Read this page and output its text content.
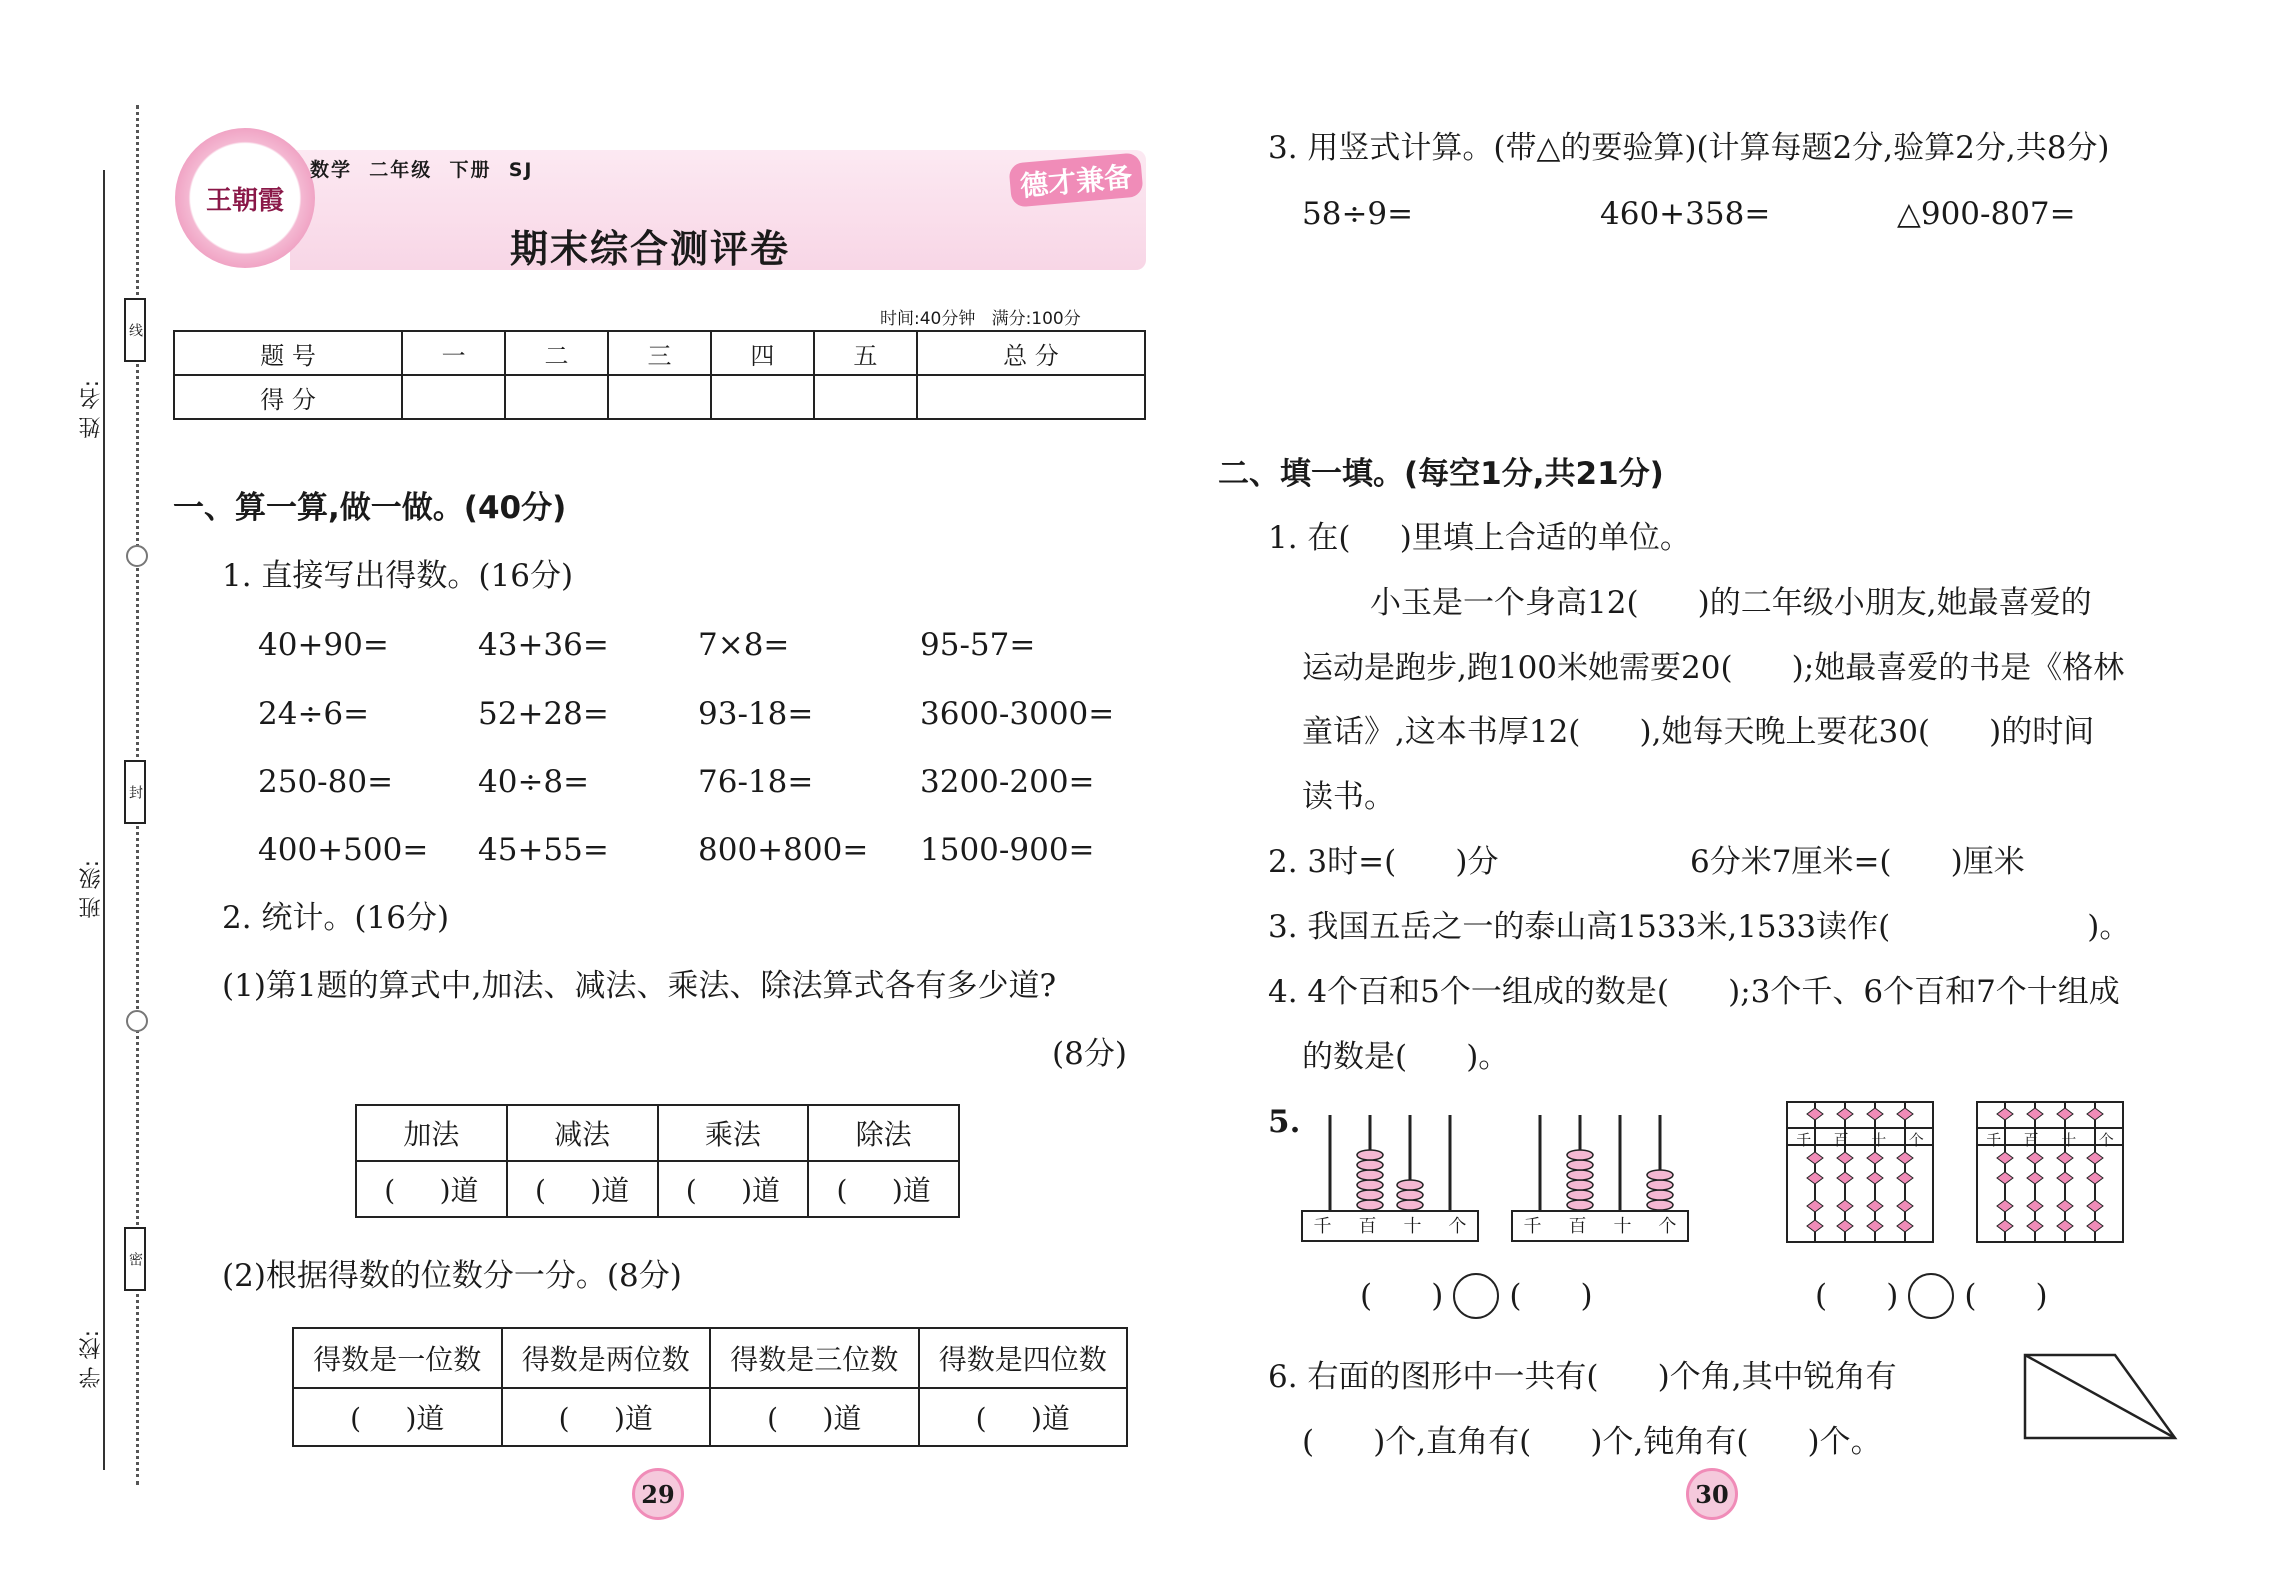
线
封
密
姓 名:
班 级:
学 校:
王朝霞
数学  二年级  下册  SJ
期末综合测评卷
德才兼备
时间:40分钟   满分:100分
题 号	一	二	三	四	五	总 分
得 分						
一、算一算,做一做。(40分)
1. 直接写出得数。(16分)
40+90=	43+36=	7×8=	95-57=
24÷6=	52+28=	93-18=	3600-3000=
250-80=	40÷8=	76-18=	3200-200=
400+500= 45+55=	800+800= 1500-900=
2. 统计。(16分)
(1)第1题的算式中,加法、减法、乘法、除法算式各有多少道?
(8分)
加法	减法	乘法	除法
(     )道	(     )道	(     )道	(     )道
(2)根据得数的位数分一分。(8分)
得数是一位数	得数是两位数	得数是三位数	得数是四位数
(     )道	(     )道	(     )道	(     )道
29
3. 用竖式计算。(带△的要验算)(计算每题2分,验算2分,共8分)
58÷9=	460+358=	△900-807=
二、填一填。(每空1分,共21分)
1. 在(     )里填上合适的单位。
小玉是一个身高12(      )的二年级小朋友,她最喜爱的
运动是跑步,跑100米她需要20(      );她最喜爱的书是《格林
童话》,这本书厚12(      ),她每天晚上要花30(      )的时间
读书。
2. 3时=(      )分	6分米7厘米=(      )厘米
3. 我国五岳之一的泰山高1533米,1533读作(                    )。
4. 4个百和5个一组成的数是(      );3个千、6个百和7个十组成
的数是(      )。
5.
千 百 十 个	千 百 十 个
千 百 十 个	千 百 十 个
(      ) (      )	(      ) (      )
6. 右面的图形中一共有(      )个角,其中锐角有
(      )个,直角有(      )个,钝角有(      )个。
30
